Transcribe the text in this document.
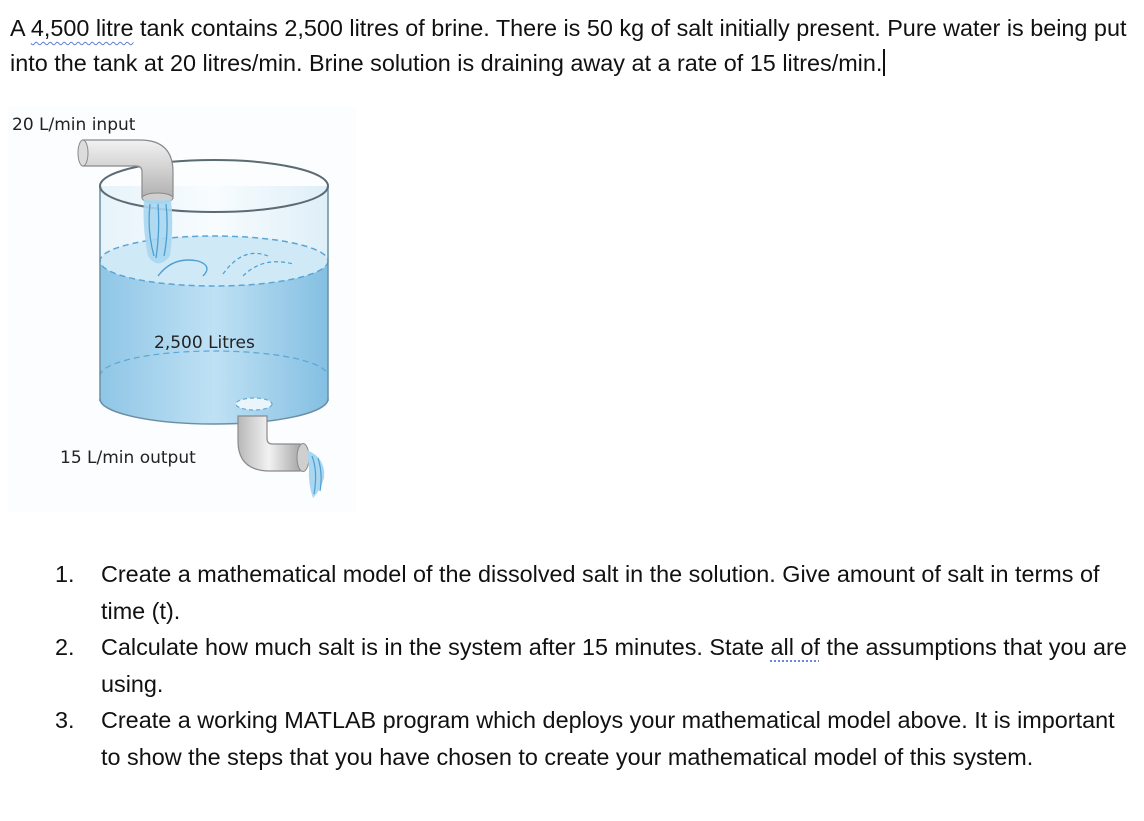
A 4,500 litre tank contains 2,500 litres of brine. There is 50 kg of salt initially present. Pure water is being put into the tank at 20 litres/min. Brine solution is draining away at a rate of 15 litres/min.

20 L/min input
2,500 Litres
15 L/min output
1. Create a mathematical model of the dissolved salt in the solution. Give amount of salt in terms of time (t).
2. Calculate how much salt is in the system after 15 minutes. State all of the assumptions that you are using.
3. Create a working MATLAB program which deploys your mathematical model above. It is important to show the steps that you have chosen to create your mathematical model of this system.
